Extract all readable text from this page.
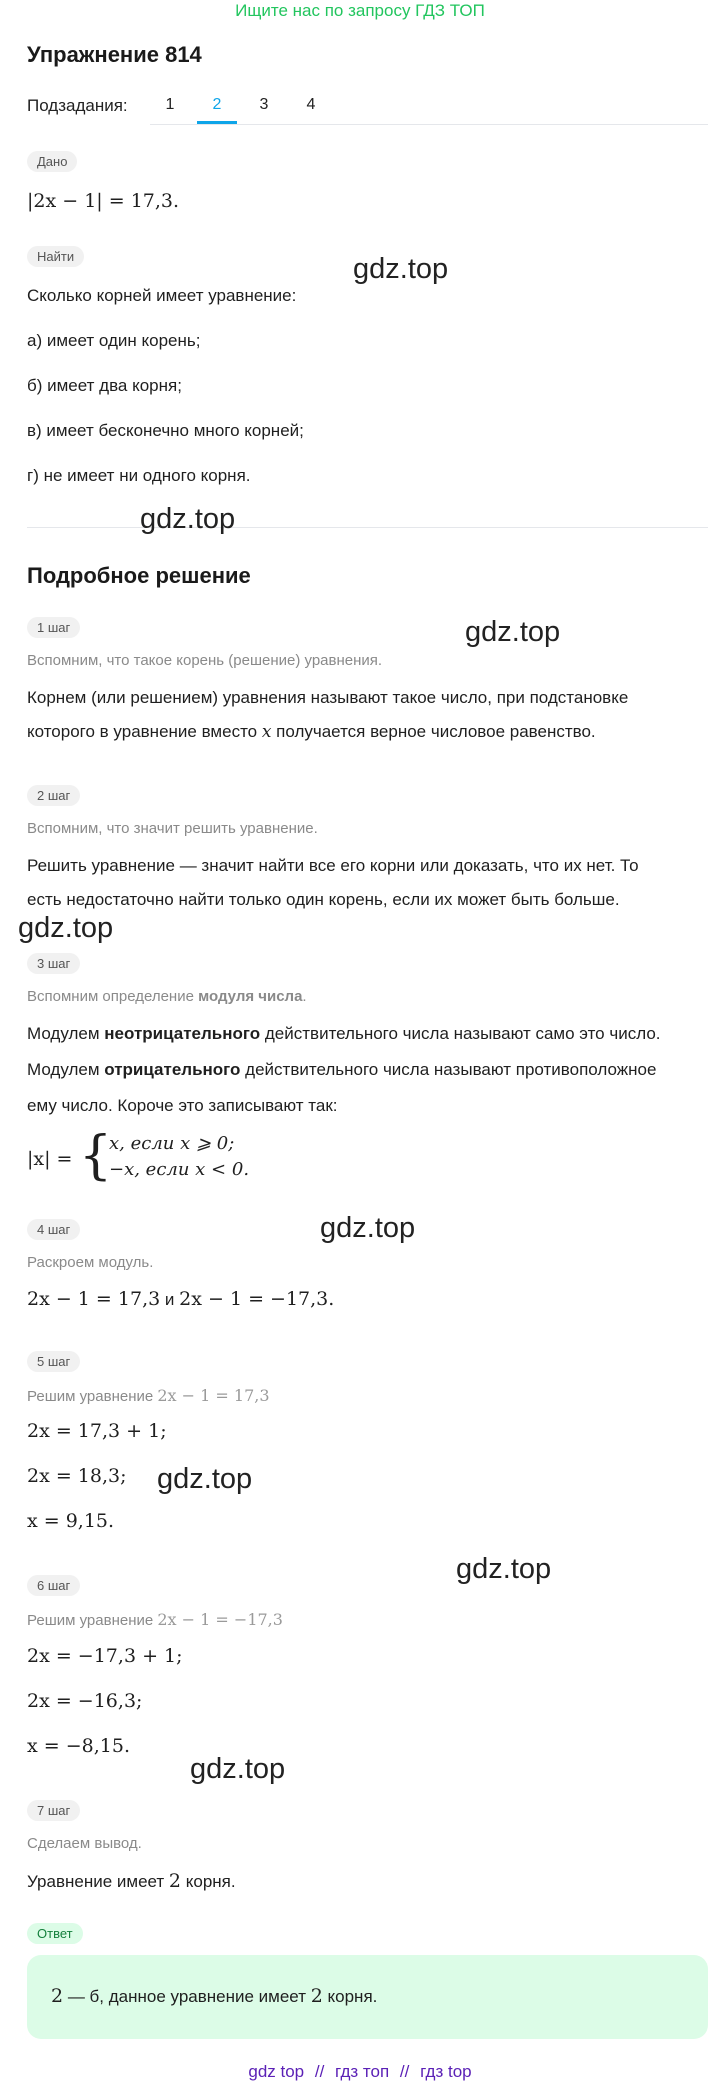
Ищите нас по запросу ГДЗ ТОП
Упражнение 814
Подзадания:	1	2	3	4
Дано
|2x − 1| = 17,3.
Найти
Сколько корней имеет уравнение:
а) имеет один корень;
б) имеет два корня;
в) имеет бесконечно много корней;
г) не имеет ни одного корня.
Подробное решение
1 шаг
Вспомним, что такое корень (решение) уравнения.
Корнем (или решением) уравнения называют такое число, при подстановке
которого в уравнение вместо x получается верное числовое равенство.
2 шаг
Вспомним, что значит решить уравнение.
Решить уравнение — значит найти все его корни или доказать, что их нет. То
есть недостаточно найти только один корень, если их может быть больше.
3 шаг
Вспомним определение модуля числа.
Модулем неотрицательного действительного числа называют само это число.
Модулем отрицательного действительного числа называют противоположное
ему число. Короче это записывают так:
|x| = {
x, если x ⩾ 0;
−x, если x < 0.
4 шаг
Раскроем модуль.
2x − 1 = 17,3 и 2x − 1 = −17,3.
5 шаг
Решим уравнение 2x − 1 = 17,3
2x = 17,3 + 1;
2x = 18,3;
x = 9,15.
6 шаг
Решим уравнение 2x − 1 = −17,3
2x = −17,3 + 1;
2x = −16,3;
x = −8,15.
7 шаг
Сделаем вывод.
Уравнение имеет 2 корня.
Ответ
2 — б, данное уравнение имеет 2 корня.
gdz.top
gdz.top
gdz.top
gdz.top
gdz.top
gdz.top
gdz.top
gdz.top
gdz top // гдз топ // гдз top
